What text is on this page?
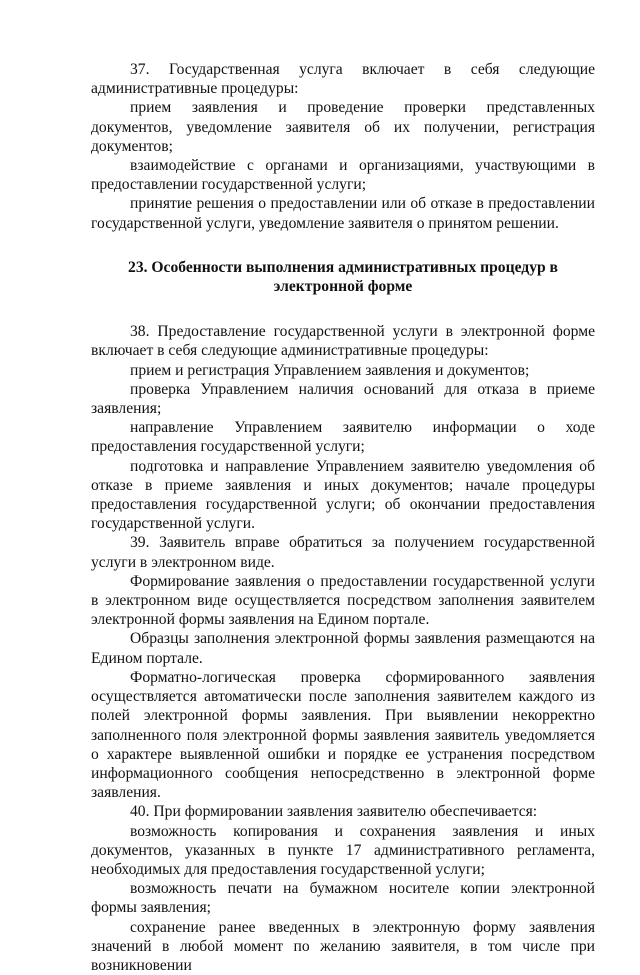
37. Государственная услуга включает в себя следующие административные процедуры:

прием заявления и проведение проверки представленных документов, уведомление заявителя об их получении, регистрация документов;

взаимодействие с органами и организациями, участвующими в предоставлении государственной услуги;

принятие решения о предоставлении или об отказе в предоставлении государственной услуги, уведомление заявителя о принятом решении.

23. Особенности выполнения административных процедур в электронной форме

38. Предоставление государственной услуги в электронной форме включает в себя следующие административные процедуры:

прием и регистрация Управлением заявления и документов;

проверка Управлением наличия оснований для отказа в приеме заявления;

направление Управлением заявителю информации о ходе предоставления государственной услуги;

подготовка и направление Управлением заявителю уведомления об отказе в приеме заявления и иных документов; начале процедуры предоставления государственной услуги; об окончании предоставления государственной услуги.

39. Заявитель вправе обратиться за получением государственной услуги в электронном виде.

Формирование заявления о предоставлении государственной услуги в электронном виде осуществляется посредством заполнения заявителем электронной формы заявления на Едином портале.

Образцы заполнения электронной формы заявления размещаются на Едином портале.

Форматно-логическая проверка сформированного заявления осуществляется автоматически после заполнения заявителем каждого из полей электронной формы заявления. При выявлении некорректно заполненного поля электронной формы заявления заявитель уведомляется о характере выявленной ошибки и порядке ее устранения посредством информационного сообщения непосредственно в электронной форме заявления.

40. При формировании заявления заявителю обеспечивается:

возможность копирования и сохранения заявления и иных документов, указанных в пункте 17 административного регламента, необходимых для предоставления государственной услуги;

возможность печати на бумажном носителе копии электронной формы заявления;

сохранение ранее введенных в электронную форму заявления значений в любой момент по желанию заявителя, в том числе при возникновении
